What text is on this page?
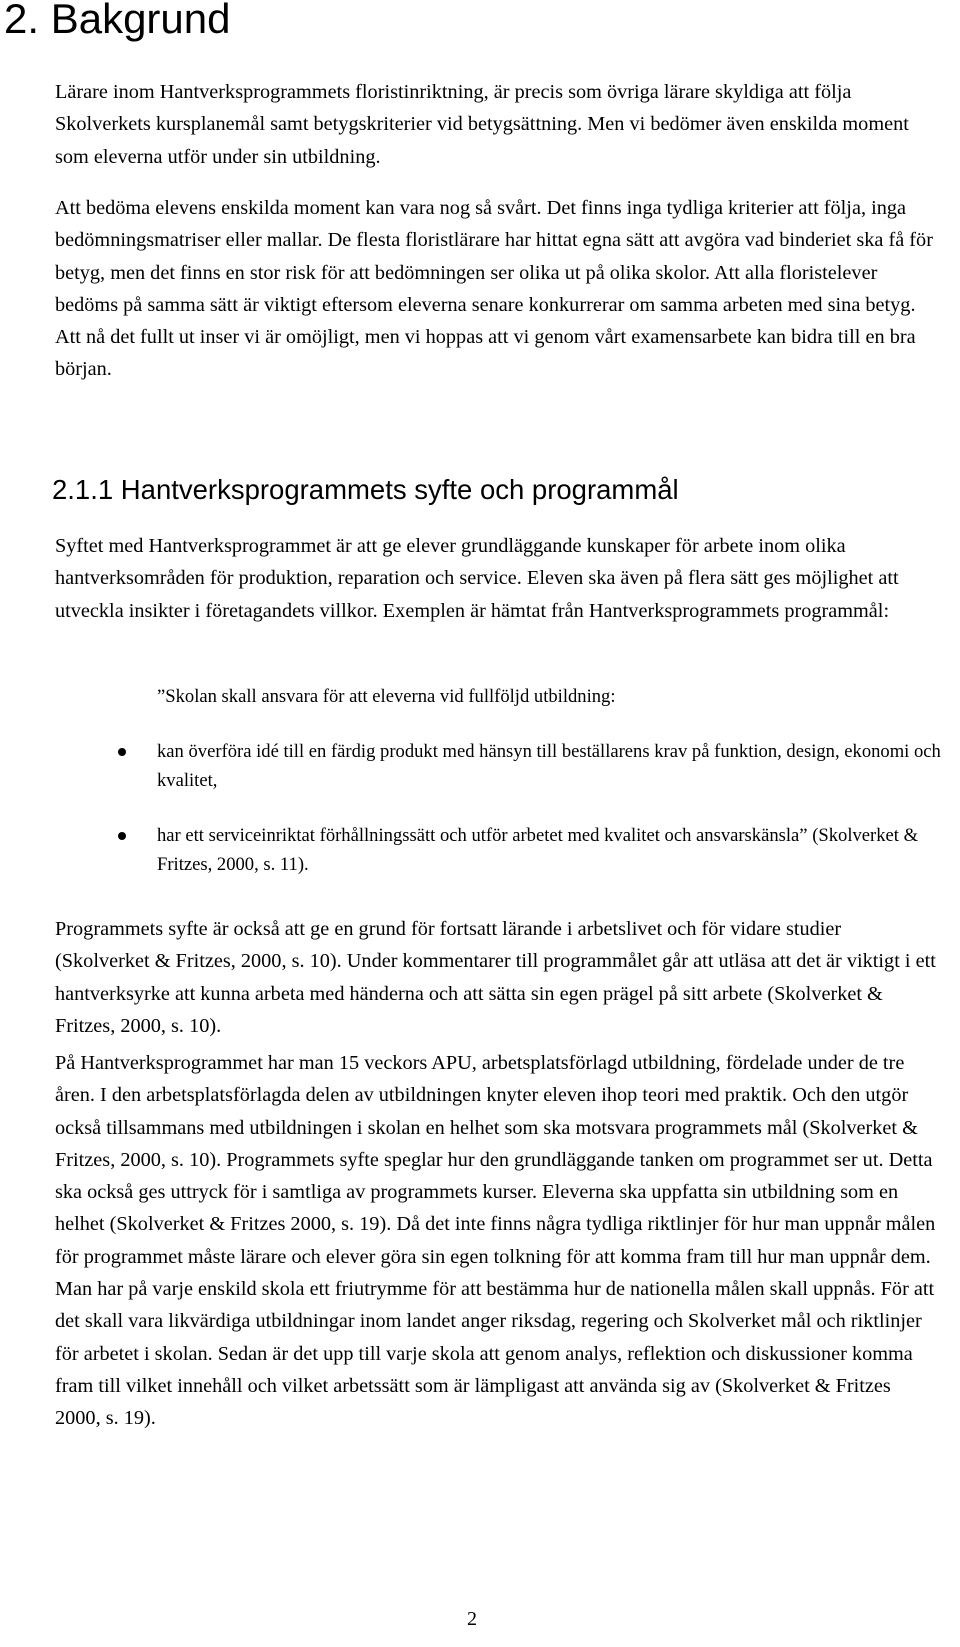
2. Bakgrund

Lärare inom Hantverksprogrammets floristinriktning, är precis som övriga lärare skyldiga att följa Skolverkets kursplanemål samt betygskriterier vid betygsättning. Men vi bedömer även enskilda moment som eleverna utför under sin utbildning.

Att bedöma elevens enskilda moment kan vara nog så svårt. Det finns inga tydliga kriterier att följa, inga bedömningsmatriser eller mallar. De flesta floristlärare har hittat egna sätt att avgöra vad binderiet ska få för betyg, men det finns en stor risk för att bedömningen ser olika ut på olika skolor. Att alla floristelever bedöms på samma sätt är viktigt eftersom eleverna senare konkurrerar om samma arbeten med sina betyg. Att nå det fullt ut inser vi är omöjligt, men vi hoppas att vi genom vårt examensarbete kan bidra till en bra början.

2.1.1 Hantverksprogrammets syfte och programmål

Syftet med Hantverksprogrammet är att ge elever grundläggande kunskaper för arbete inom olika hantverksområden för produktion, reparation och service. Eleven ska även på flera sätt ges möjlighet att utveckla insikter i företagandets villkor. Exemplen är hämtat från Hantverksprogrammets programmål:

”Skolan skall ansvara för att eleverna vid fullföljd utbildning:

kan överföra idé till en färdig produkt med hänsyn till beställarens krav på funktion, design, ekonomi och kvalitet,
har ett serviceinriktat förhållningssätt och utför arbetet med kvalitet och ansvarskänsla” (Skolverket & Fritzes, 2000, s. 11).

Programmets syfte är också att ge en grund för fortsatt lärande i arbetslivet och för vidare studier (Skolverket & Fritzes, 2000, s. 10). Under kommentarer till programmålet går att utläsa att det är viktigt i ett hantverksyrke att kunna arbeta med händerna och att sätta sin egen prägel på sitt arbete (Skolverket & Fritzes, 2000, s. 10).

På Hantverksprogrammet har man 15 veckors APU, arbetsplatsförlagd utbildning, fördelade under de tre åren. I den arbetsplatsförlagda delen av utbildningen knyter eleven ihop teori med praktik. Och den utgör också tillsammans med utbildningen i skolan en helhet som ska motsvara programmets mål (Skolverket & Fritzes, 2000, s. 10). Programmets syfte speglar hur den grundläggande tanken om programmet ser ut. Detta ska också ges uttryck för i samtliga av programmets kurser. Eleverna ska uppfatta sin utbildning som en helhet (Skolverket & Fritzes 2000, s. 19). Då det inte finns några tydliga riktlinjer för hur man uppnår målen för programmet måste lärare och elever göra sin egen tolkning för att komma fram till hur man uppnår dem. Man har på varje enskild skola ett friutrymme för att bestämma hur de nationella målen skall uppnås. För att det skall vara likvärdiga utbildningar inom landet anger riksdag, regering och Skolverket mål och riktlinjer för arbetet i skolan. Sedan är det upp till varje skola att genom analys, reflektion och diskussioner komma fram till vilket innehåll och vilket arbetssätt som är lämpligast att använda sig av (Skolverket & Fritzes 2000, s. 19).

2
